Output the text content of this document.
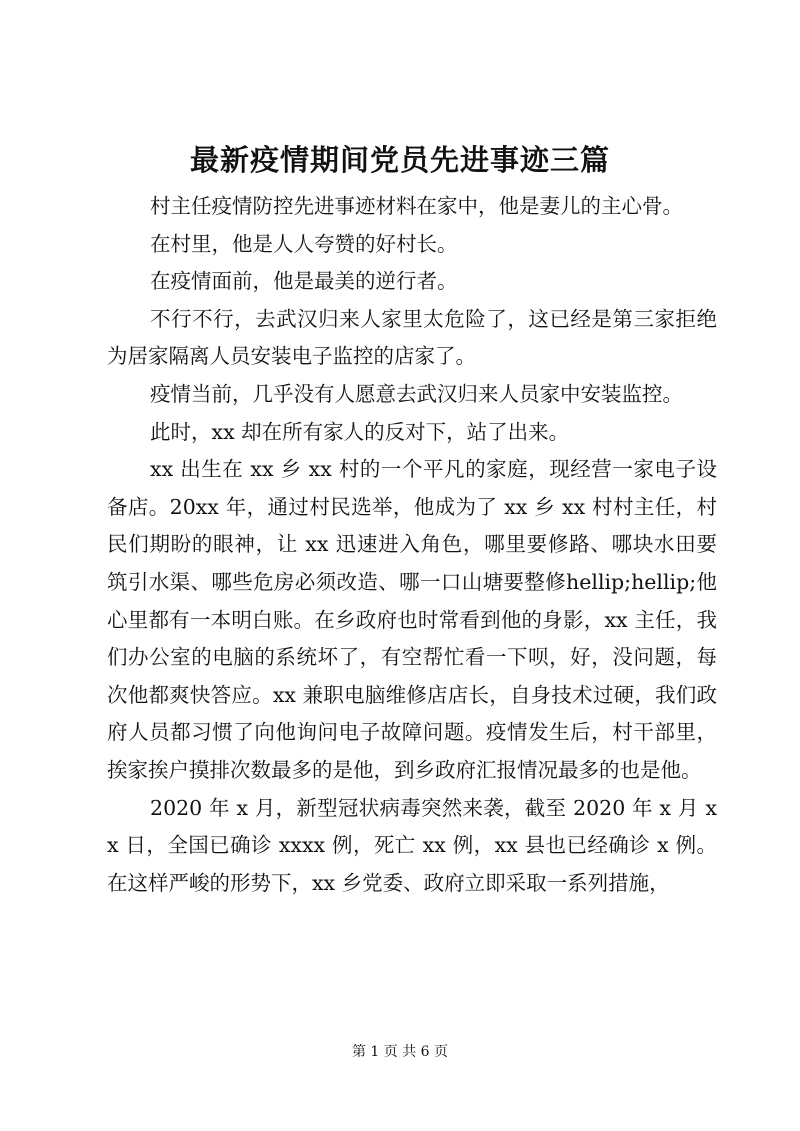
最新疫情期间党员先进事迹三篇

村主任疫情防控先进事迹材料在家中，他是妻儿的主心骨。

在村里，他是人人夸赞的好村长。

在疫情面前，他是最美的逆行者。

不行不行，去武汉归来人家里太危险了，这已经是第三家拒绝为居家隔离人员安装电子监控的店家了。

疫情当前，几乎没有人愿意去武汉归来人员家中安装监控。

此时，xx 却在所有家人的反对下，站了出来。

xx 出生在 xx 乡 xx 村的一个平凡的家庭，现经营一家电子设备店。20xx 年，通过村民选举，他成为了 xx 乡 xx 村村主任，村民们期盼的眼神，让 xx 迅速进入角色，哪里要修路、哪块水田要筑引水渠、哪些危房必须改造、哪一口山塘要整修hellip;hellip;他心里都有一本明白账。在乡政府也时常看到他的身影，xx 主任，我们办公室的电脑的系统坏了，有空帮忙看一下呗，好，没问题，每次他都爽快答应。xx 兼职电脑维修店店长，自身技术过硬，我们政府人员都习惯了向他询问电子故障问题。疫情发生后，村干部里，挨家挨户摸排次数最多的是他，到乡政府汇报情况最多的也是他。

2020 年 x 月，新型冠状病毒突然来袭，截至 2020 年 x 月 xx 日，全国已确诊 xxxx 例，死亡 xx 例，xx 县也已经确诊 x 例。在这样严峻的形势下，xx 乡党委、政府立即采取一系列措施，

第 1 页 共 6 页
